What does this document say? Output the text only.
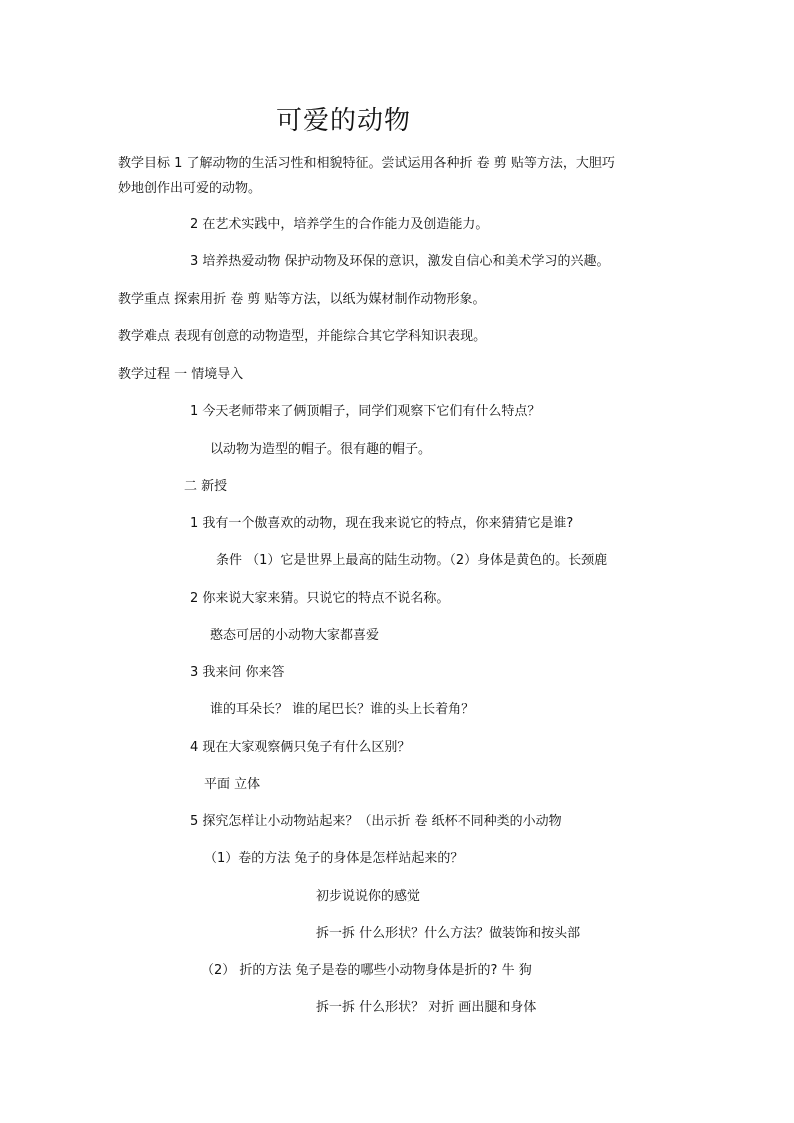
可爱的动物
教学目标 1 了解动物的生活习性和相貌特征。尝试运用各种折 卷 剪 贴等方法，大胆巧
妙地创作出可爱的动物。
2 在艺术实践中，培养学生的合作能力及创造能力。
3 培养热爱动物 保护动物及环保的意识，激发自信心和美术学习的兴趣。
教学重点 探索用折 卷 剪 贴等方法，以纸为媒材制作动物形象。
教学难点 表现有创意的动物造型，并能综合其它学科知识表现。
教学过程 一 情境导入
1 今天老师带来了俩顶帽子，同学们观察下它们有什么特点？
以动物为造型的帽子。很有趣的帽子。
二 新授
1 我有一个傲喜欢的动物，现在我来说它的特点，你来猜猜它是谁?
条件 （1）它是世界上最高的陆生动物。（2）身体是黄色的。长颈鹿
2 你来说大家来猜。只说它的特点不说名称。
憨态可居的小动物大家都喜爱
3 我来问 你来答
谁的耳朵长？ 谁的尾巴长？谁的头上长着角？
4 现在大家观察俩只兔子有什么区别？
平面 立体
5 探究怎样让小动物站起来？（出示折 卷 纸杯不同种类的小动物
（1）卷的方法 兔子的身体是怎样站起来的？
初步说说你的感觉
拆一拆 什么形状？什么方法？做装饰和按头部
（2） 折的方法 兔子是卷的哪些小动物身体是折的? 牛 狗
拆一拆 什么形状？ 对折 画出腿和身体
